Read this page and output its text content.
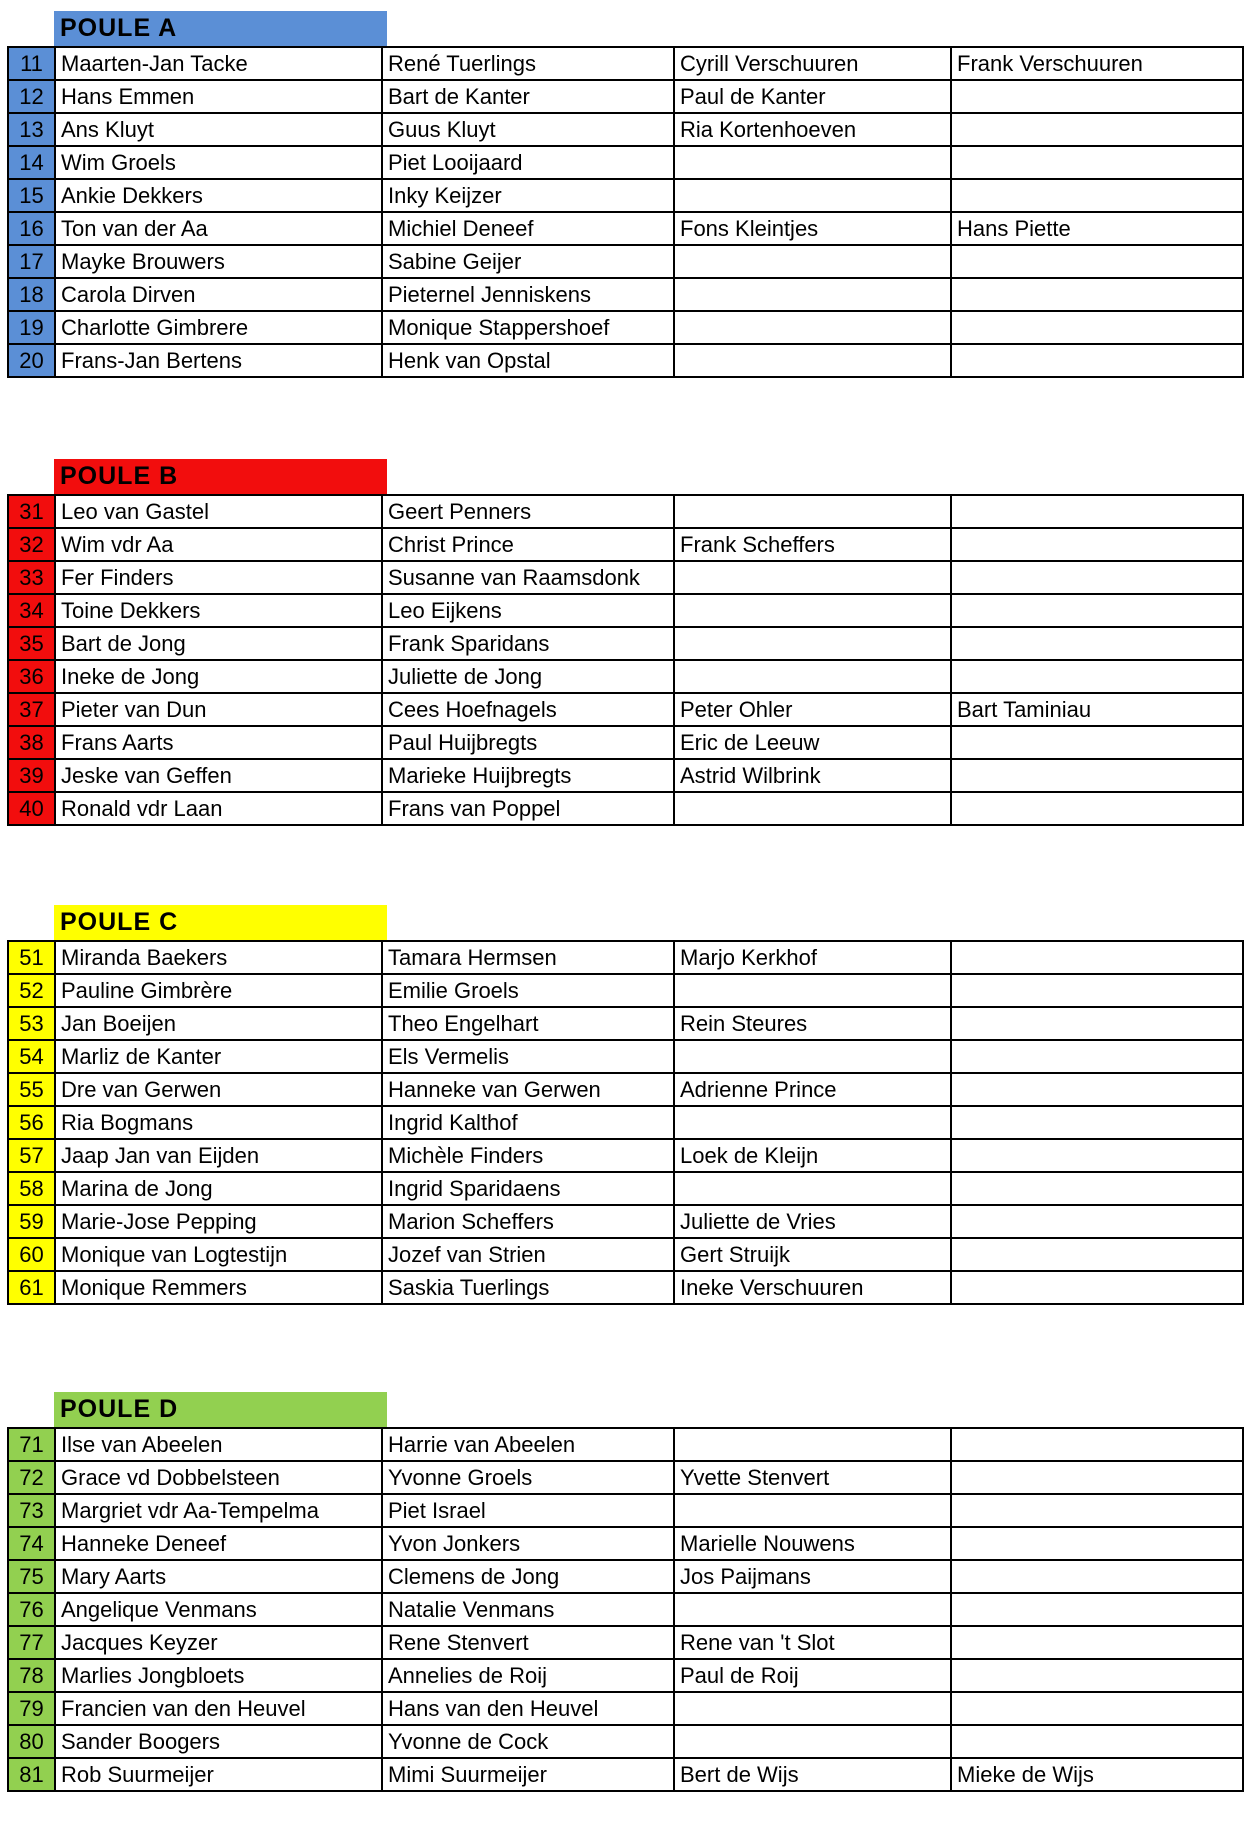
POULE A
11	Maarten-Jan Tacke	René Tuerlings	Cyrill Verschuuren	Frank Verschuuren
12	Hans Emmen	Bart de Kanter	Paul de Kanter	
13	Ans Kluyt	Guus Kluyt	Ria Kortenhoeven	
14	Wim Groels	Piet Looijaard		
15	Ankie Dekkers	Inky Keijzer		
16	Ton van der Aa	Michiel Deneef	Fons Kleintjes	Hans Piette
17	Mayke Brouwers	Sabine Geijer		
18	Carola Dirven	Pieternel Jenniskens		
19	Charlotte Gimbrere	Monique Stappershoef		
20	Frans-Jan Bertens	Henk van Opstal		
POULE B
31	Leo van Gastel	Geert Penners		
32	Wim vdr Aa	Christ Prince	Frank Scheffers	
33	Fer Finders	Susanne van Raamsdonk		
34	Toine Dekkers	Leo Eijkens		
35	Bart de Jong	Frank Sparidans		
36	Ineke de Jong	Juliette de Jong		
37	Pieter van Dun	Cees Hoefnagels	Peter Ohler	Bart Taminiau
38	Frans Aarts	Paul Huijbregts	Eric de Leeuw	
39	Jeske van Geffen	Marieke Huijbregts	Astrid Wilbrink	
40	Ronald vdr Laan	Frans van Poppel		
POULE C
51	Miranda Baekers	Tamara Hermsen	Marjo Kerkhof	
52	Pauline Gimbrère	Emilie Groels		
53	Jan Boeijen	Theo Engelhart	Rein Steures	
54	Marliz de Kanter	Els Vermelis		
55	Dre van Gerwen	Hanneke van Gerwen	Adrienne Prince	
56	Ria Bogmans	Ingrid Kalthof		
57	Jaap Jan van Eijden	Michèle Finders	Loek de Kleijn	
58	Marina de Jong	Ingrid Sparidaens		
59	Marie-Jose Pepping	Marion Scheffers	Juliette de Vries	
60	Monique van Logtestijn	Jozef van Strien	Gert Struijk	
61	Monique Remmers	Saskia Tuerlings	Ineke Verschuuren	
POULE D
71	Ilse van Abeelen	Harrie van Abeelen		
72	Grace vd Dobbelsteen	Yvonne Groels	Yvette Stenvert	
73	Margriet vdr Aa-Tempelma	Piet Israel		
74	Hanneke Deneef	Yvon Jonkers	Marielle Nouwens	
75	Mary Aarts	Clemens de Jong	Jos Paijmans	
76	Angelique Venmans	Natalie Venmans		
77	Jacques Keyzer	Rene Stenvert	Rene van 't Slot	
78	Marlies Jongbloets	Annelies de Roij	Paul de Roij	
79	Francien van den Heuvel	Hans van den Heuvel		
80	Sander Boogers	Yvonne de Cock		
81	Rob Suurmeijer	Mimi Suurmeijer	Bert de Wijs	Mieke de Wijs
